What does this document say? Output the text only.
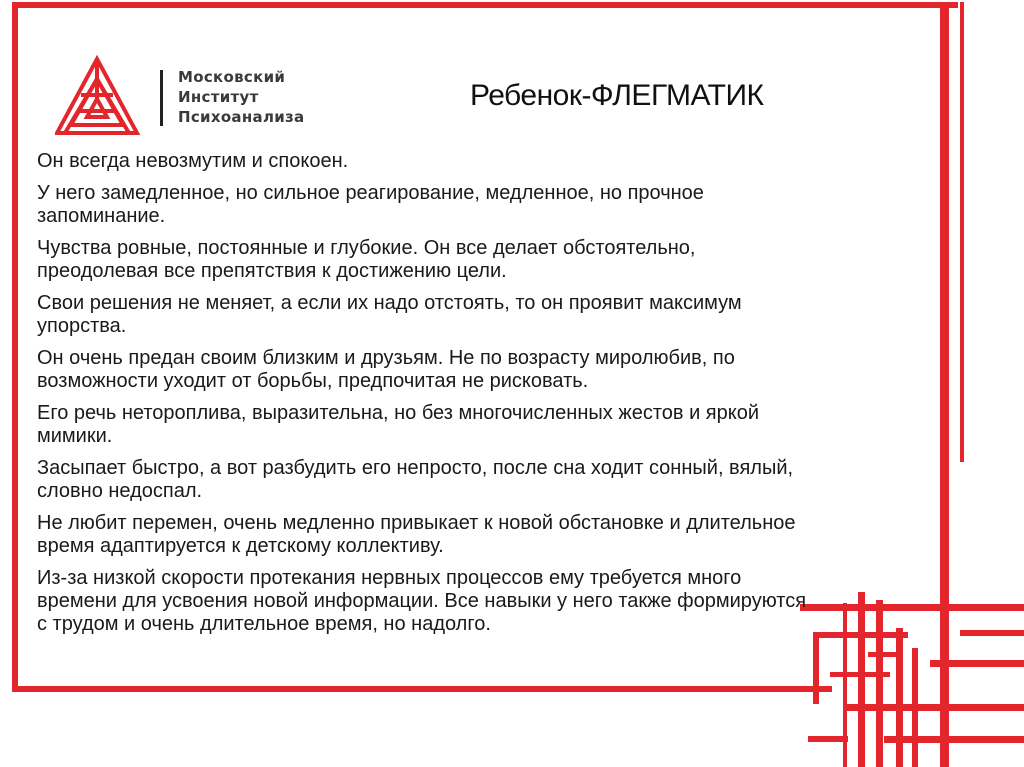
Московский
Институт
Психоанализа
Ребенок-ФЛЕГМАТИК

Он всегда невозмутим и спокоен.

У него замедленное, но сильное реагирование, медленное, но прочное запоминание.

Чувства ровные, постоянные и глубокие. Он все делает обстоятельно, преодолевая все препятствия к достижению цели.

Свои решения не меняет, а если их надо отстоять, то он проявит максимум упорства.

Он очень предан своим близким и друзьям. Не по возрасту миролюбив, по возможности уходит от борьбы, предпочитая не рисковать.

Его речь нетороплива, выразительна, но без многочисленных жестов и яркой мимики.

Засыпает быстро, а вот разбудить его непросто, после сна ходит сонный, вялый, словно недоспал.

Не любит перемен, очень медленно привыкает к новой обстановке и длительное время адаптируется к детскому коллективу.

Из-за низкой скорости протекания нервных процессов ему требуется много времени для усвоения новой информации. Все навыки у него также формируются с трудом и очень длительное время, но надолго.
